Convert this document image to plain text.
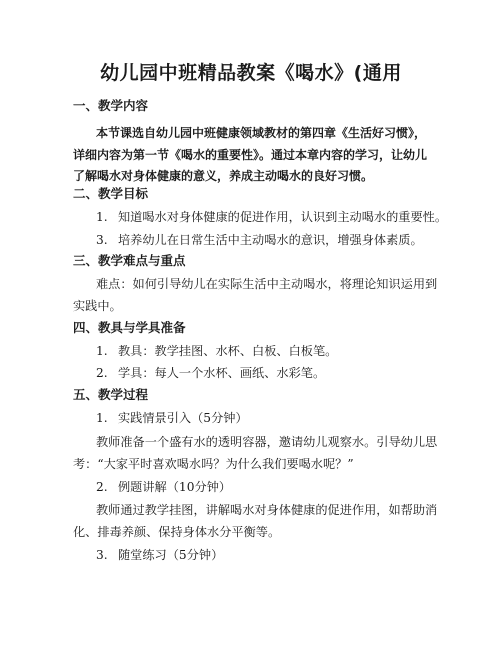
幼儿园中班精品教案《喝水》(通用
一、教学内容
本节课选自幼儿园中班健康领域教材的第四章《生活好习惯》，
详细内容为第一节《喝水的重要性》。通过本章内容的学习，让幼儿
了解喝水对身体健康的意义，养成主动喝水的良好习惯。
二、教学目标
1. 知道喝水对身体健康的促进作用，认识到主动喝水的重要性。
3. 培养幼儿在日常生活中主动喝水的意识，增强身体素质。
三、教学难点与重点
难点：如何引导幼儿在实际生活中主动喝水，将理论知识运用到
实践中。
四、教具与学具准备
1. 教具：教学挂图、水杯、白板、白板笔。
2. 学具：每人一个水杯、画纸、水彩笔。
五、教学过程
1. 实践情景引入（5分钟）
教师准备一个盛有水的透明容器，邀请幼儿观察水。引导幼儿思
考：“大家平时喜欢喝水吗？为什么我们要喝水呢？”
2. 例题讲解（10分钟）
教师通过教学挂图，讲解喝水对身体健康的促进作用，如帮助消
化、排毒养颜、保持身体水分平衡等。
3. 随堂练习（5分钟）
